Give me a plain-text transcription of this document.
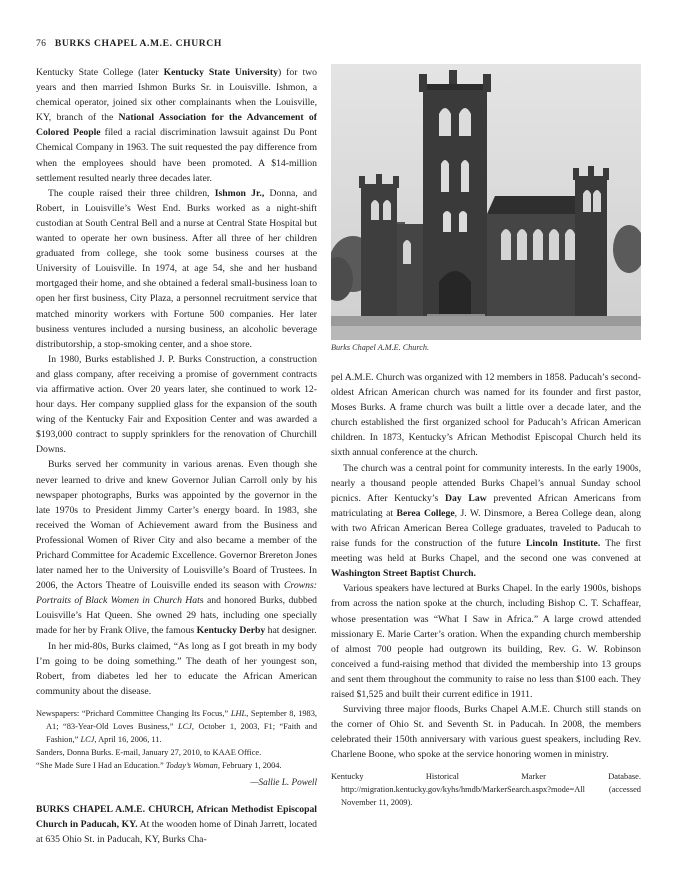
76 BURKS CHAPEL A.M.E. CHURCH

Kentucky State College (later Kentucky State University) for two years and then married Ishmon Burks Sr. in Louisville. Ishmon, a chemical operator, joined six other complainants when the Louisville, KY, branch of the National Association for the Advancement of Colored People filed a racial discrimination lawsuit against Du Pont Chemical Company in 1963. The suit requested the pay difference from when the employees should have been promoted. A $14-million settlement resulted nearly three decades later.

The couple raised their three children, Ishmon Jr., Donna, and Robert, in Louisville’s West End. Burks worked as a night-shift custodian at South Central Bell and a nurse at Central State Hospital but wanted to operate her own business. After all three of her children graduated from college, she took some business courses at the University of Louisville. In 1974, at age 54, she and her husband mortgaged their home, and she obtained a federal small-business loan to open her first business, City Plaza, a personnel recruitment service that matched minority workers with Fortune 500 companies. Her later business ventures included a nursing business, an alcoholic beverage distributorship, a stop-smoking center, and a shoe store.

In 1980, Burks established J. P. Burks Construction, a construction and glass company, after receiving a promise of government contracts via affirmative action. Over 20 years later, she continued to work 12-hour days. Her company supplied glass for the expansion of the south wing of the Kentucky Fair and Exposition Center and was awarded a $193,000 contract to supply sprinklers for the renovation of Churchill Downs.

Burks served her community in various arenas. Even though she never learned to drive and knew Governor Julian Carroll only by his newspaper photographs, Burks was appointed by the governor in the late 1970s to President Jimmy Carter’s energy board. In 1983, she received the Woman of Achievement award from the Business and Professional Women of River City and also became a member of the Prichard Committee for Academic Excellence. Governor Brereton Jones later named her to the University of Louisville’s Board of Trustees. In 2006, the Actors Theatre of Louisville ended its season with Crowns: Portraits of Black Women in Church Hats and honored Burks, dubbed Louisville’s Hat Queen. She owned 29 hats, including one specially made for her by Frank Olive, the famous Kentucky Derby hat designer.

In her mid-80s, Burks claimed, “As long as I got breath in my body I’m going to be doing something.” The death of her youngest son, Robert, from diabetes led her to educate the African American community about the disease.

Newspapers: “Prichard Committee Changing Its Focus,” LHL, September 8, 1983, A1; “83-Year-Old Loves Business,” LCJ, October 1, 2003, F1; “Faith and Fashion,” LCJ, April 16, 2006, 11.

Sanders, Donna Burks. E-mail, January 27, 2010, to KAAE Office.

“She Made Sure I Had an Education.” Today’s Woman, February 1, 2004.

—Sallie L. Powell

BURKS CHAPEL A.M.E. CHURCH, African Methodist Episcopal Church in Paducah, KY. At the wooden home of Dinah Jarrett, located at 635 Ohio St. in Paducah, KY, Burks Cha-

Burks Chapel A.M.E. Church.

pel A.M.E. Church was organized with 12 members in 1858. Paducah’s second-oldest African American church was named for its founder and first pastor, Moses Burks. A frame church was built a little over a decade later, and the church established the first organized school for Paducah’s African American children. In 1873, Kentucky’s African Methodist Episcopal Church held its sixth annual conference at the church.

The church was a central point for community interests. In the early 1900s, nearly a thousand people attended Burks Chapel’s annual Sunday school picnics. After Kentucky’s Day Law prevented African Americans from matriculating at Berea College, J. W. Dinsmore, a Berea College dean, along with two African American Berea College graduates, traveled to Paducah to raise funds for the construction of the future Lincoln Institute. The first meeting was held at Burks Chapel, and the second one was convened at Washington Street Baptist Church.

Various speakers have lectured at Burks Chapel. In the early 1900s, bishops from across the nation spoke at the church, including Bishop C. T. Schaffear, whose presentation was “What I Saw in Africa.” A large crowd attended missionary E. Marie Carter’s oration. When the expanding church membership of almost 700 people had outgrown its building, Rev. G. W. Robinson conceived a fund-raising method that divided the membership into 13 groups and sent them throughout the community to raise no less than $100 each. They raised $1,525 and built their current edifice in 1911.

Surviving three major floods, Burks Chapel A.M.E. Church still stands on the corner of Ohio St. and Seventh St. in Paducah. In 2008, the members celebrated their 150th anniversary with various guest speakers, including Rev. Charlene Boone, who spoke at the service honoring women in ministry.

Kentucky Historical Marker Database. http://migration.kentucky.gov/kyhs/hmdb/MarkerSearch.aspx?mode=All (accessed November 11, 2009).
